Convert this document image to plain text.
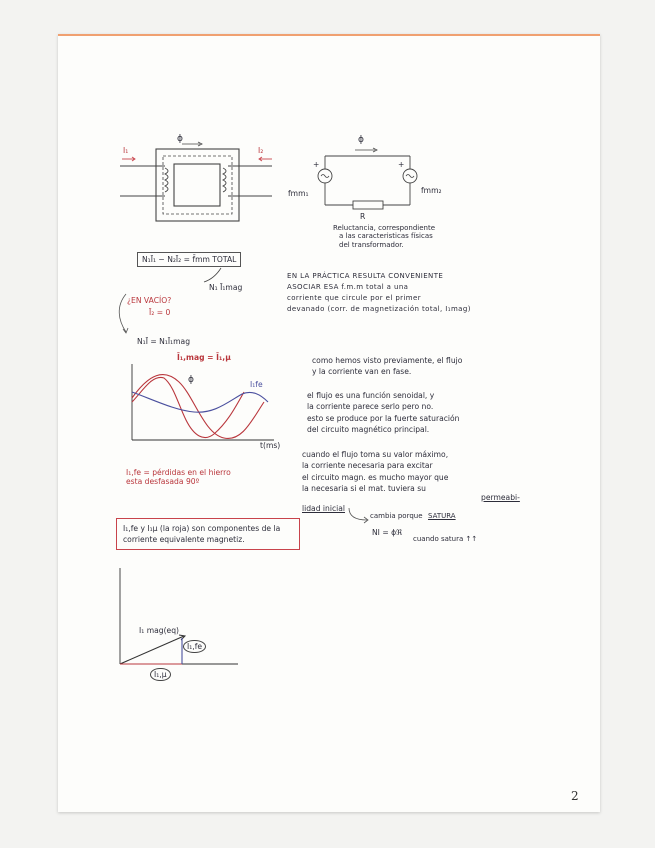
ϕ
I₁	I₂
ϕ
+	+
fmm₁	fmm₂
R
Reluctancia, correspondiente
a las caracteristicas físicas
del transformador.
N₁Ī₁ − N₂Ī₂ = f̄mm TOTAL
N₁ Ī₁mag
EN LA PRÁCTICA RESULTA CONVENIENTE
ASOCIAR ESA f.m.m total a una
corriente que circule por el primer
devanado (corr. de magnetización total, I₁mag)
¿EN VACÍO?
Ī₂ = 0
N₁Ī = N₁Ī₁mag
Ī₁,mag = Ī₁,μ
ϕ	I₁fe
t(ms)
I₁,fe = pérdidas en el hierro
esta desfasada 90º
como hemos visto previamente, el flujo
y la corriente van en fase.
el flujo es una función senoidal, y
la corriente parece serlo pero no.
esto se produce por la fuerte saturación
del circuito magnético principal.
cuando el flujo toma su valor máximo,
la corriente necesaria para excitar
el circuito magn. es mucho mayor que
la necesaria si el mat. tuviera su
permeabi-
lidad inicial
cambia porque SATURA
NI = ϕℜ
cuando satura ↑↑
I₁,fe y I₁μ (la roja) son componentes de la corriente equivalente magnetiz.
I₁ mag(eq)
I₁,fe
I₁,μ
2
